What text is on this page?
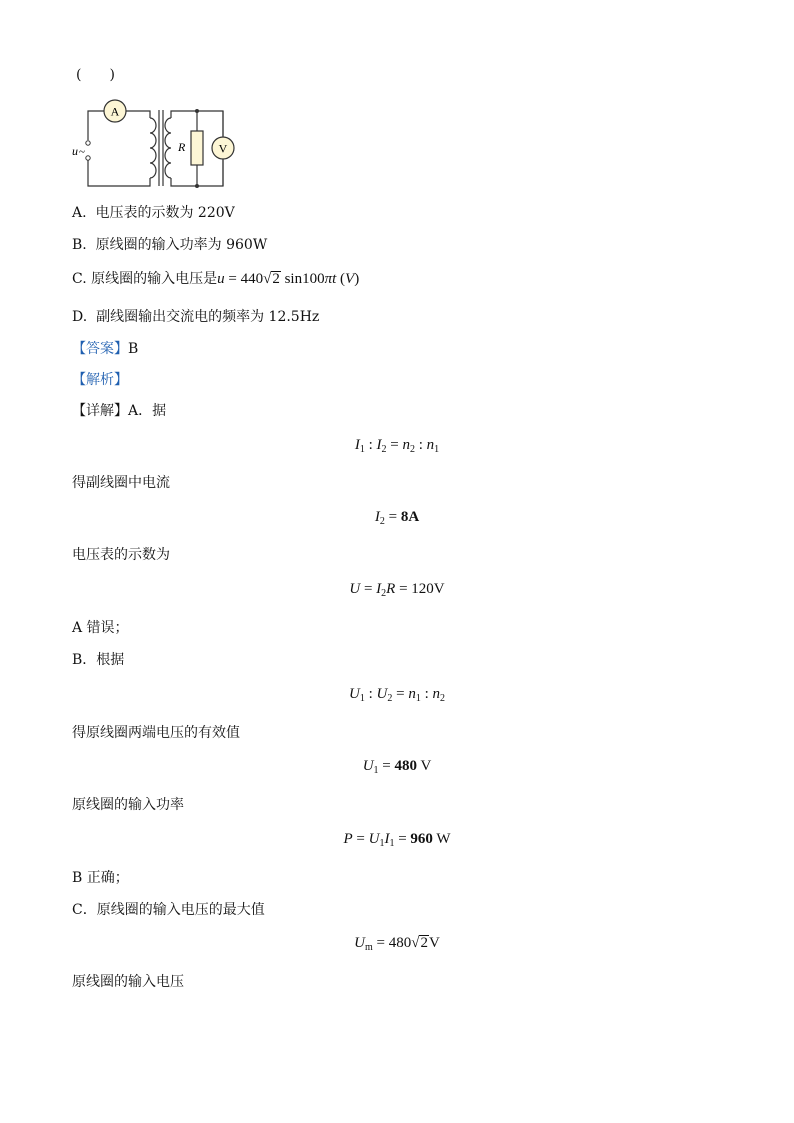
(　　)
u ~
A
R	V
A. 电压表的示数为 220V
B. 原线圈的输入功率为 960W
C. 原线圈的输入电压是u = 440√2 sin100πt (V)
D. 副线圈输出交流电的频率为 12.5Hz
【答案】B
【解析】
【详解】A．据
$I_1$ : $I_2 = n_2$ : $n_1$
得副线圈中电流
$I_2 = 8A$
电压表的示数为
$U = I_2R = 120V$
A 错误；
B．根据
$U_1$ : $U_2 = n_1$ : $n_2$
得原线圈两端电压的有效值
$U_1 = 480$ V
原线圈的输入功率
$P = U_1I_1 = 960$ W
B 正确；
C．原线圈的输入电压的最大值
$U_m = 480√2V$
原线圈的输入电压
